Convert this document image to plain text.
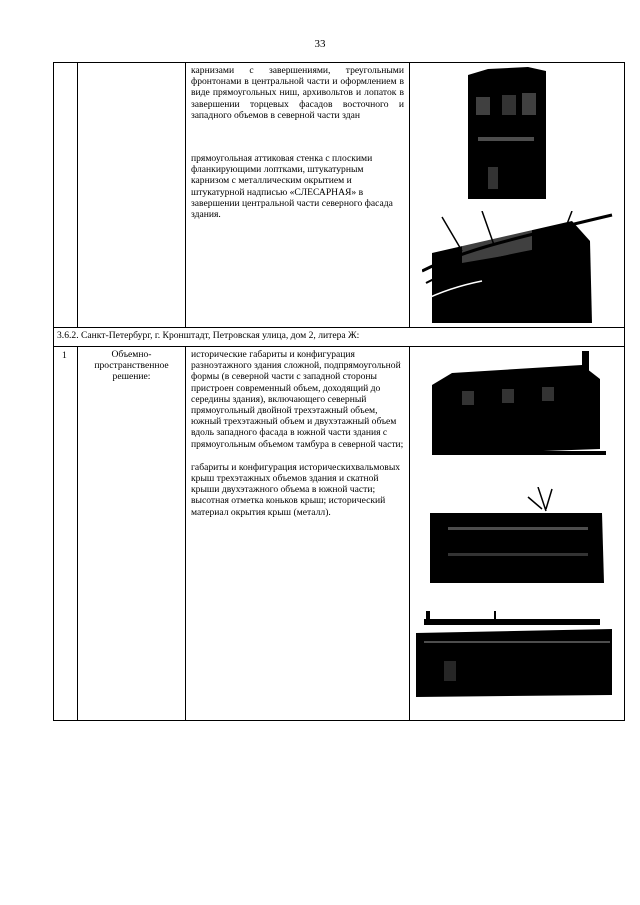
33

		карнизами с завершениями, треугольными фронтонами в центральной части и оформлением в виде прямоугольных ниш, архивольтов и лопаток в завершении торцевых фасадов восточного и западного объемов в северной части здан
прямоугольная аттиковая стенка с плоскими фланкирующими лоптками, штукатурным карнизом с металлическим окрытием и штукатурной надписью «СЛЕСАРНАЯ» в завершении центральной части северного фасада здания.

3.6.2. Санкт-Петербург, г. Кронштадт, Петровская улица, дом 2, литера Ж:			
1	Объемно-пространственное решение:	исторические габариты и конфигурация разноэтажного здания сложной, подпрямоугольной формы (в северной части с западной стороны пристроен современный объем, доходящий до середины здания), включающего северный прямоугольный двойной трехэтажный объем, южный трехэтажный объем и двухэтажный объем вдоль западного фасада в южной части здания с прямоугольным объемом тамбура в северной части;
габариты и конфигурация историческихвальмовых крыш трехэтажных объемов здания и скатной крыши двухэтажного объема в южной части; высотная отметка коньков крыш; исторический материал окрытия крыш (металл).
